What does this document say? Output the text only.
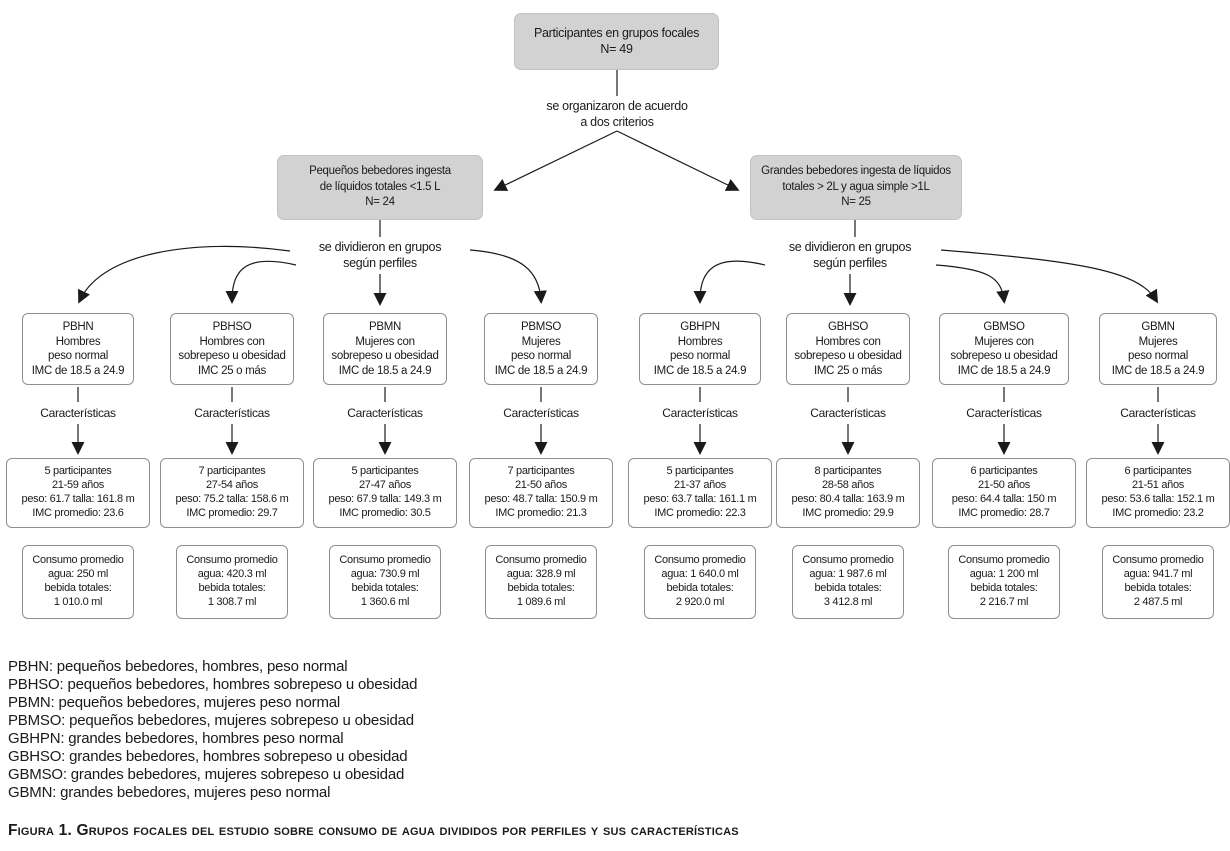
Participantes en grupos focales
N= 49
se organizaron de acuerdo
a dos criterios
Pequeños bebedores ingesta
de líquidos totales <1.5 L
N= 24
Grandes bebedores ingesta de líquidos
totales > 2L y agua simple >1L
N= 25
se dividieron en grupos
según perfiles
se dividieron en grupos
según perfiles
PBHN
Hombres
peso normal
IMC de 18.5 a 24.9
Características
5 participantes
21-59 años
peso: 61.7 talla: 161.8 m
IMC promedio: 23.6
Consumo promedio
agua: 250 ml
bebida totales:
1 010.0 ml
PBHSO
Hombres con
sobrepeso u obesidad
IMC 25 o más
Características
7 participantes
27-54 años
peso: 75.2 talla: 158.6 m
IMC promedio: 29.7
Consumo promedio
agua: 420.3 ml
bebida totales:
1 308.7 ml
PBMN
Mujeres con
sobrepeso u obesidad
IMC de 18.5 a 24.9
Características
5 participantes
27-47 años
peso: 67.9 talla: 149.3 m
IMC promedio: 30.5
Consumo promedio
agua: 730.9 ml
bebida totales:
1 360.6 ml
PBMSO
Mujeres
peso normal
IMC de 18.5 a 24.9
Características
7 participantes
21-50 años
peso: 48.7 talla: 150.9 m
IMC promedio: 21.3
Consumo promedio
agua: 328.9 ml
bebida totales:
1 089.6 ml
GBHPN
Hombres
peso normal
IMC de 18.5 a 24.9
Características
5 participantes
21-37 años
peso: 63.7 talla: 161.1 m
IMC promedio: 22.3
Consumo promedio
agua: 1 640.0 ml
bebida totales:
2 920.0 ml
GBHSO
Hombres con
sobrepeso u obesidad
IMC 25 o más
Características
8 participantes
28-58 años
peso: 80.4 talla: 163.9 m
IMC promedio: 29.9
Consumo promedio
agua: 1 987.6 ml
bebida totales:
3 412.8 ml
GBMSO
Mujeres con
sobrepeso u obesidad
IMC de 18.5 a 24.9
Características
6 participantes
21-50 años
peso: 64.4 talla: 150 m
IMC promedio: 28.7
Consumo promedio
agua: 1 200 ml
bebida totales:
2 216.7 ml
GBMN
Mujeres
peso normal
IMC de 18.5 a 24.9
Características
6 participantes
21-51 años
peso: 53.6 talla: 152.1 m
IMC promedio: 23.2
Consumo promedio
agua: 941.7 ml
bebida totales:
2 487.5 ml
PBHN: pequeños bebedores, hombres, peso normal
PBHSO: pequeños bebedores, hombres sobrepeso u obesidad
PBMN: pequeños bebedores, mujeres peso normal
PBMSO: pequeños bebedores, mujeres sobrepeso u obesidad
GBHPN: grandes bebedores, hombres peso normal
GBHSO: grandes bebedores, hombres sobrepeso u obesidad
GBMSO: grandes bebedores, mujeres sobrepeso u obesidad
GBMN: grandes bebedores, mujeres peso normal
Figura 1. Grupos focales del estudio sobre consumo de agua divididos por perfiles y sus características
